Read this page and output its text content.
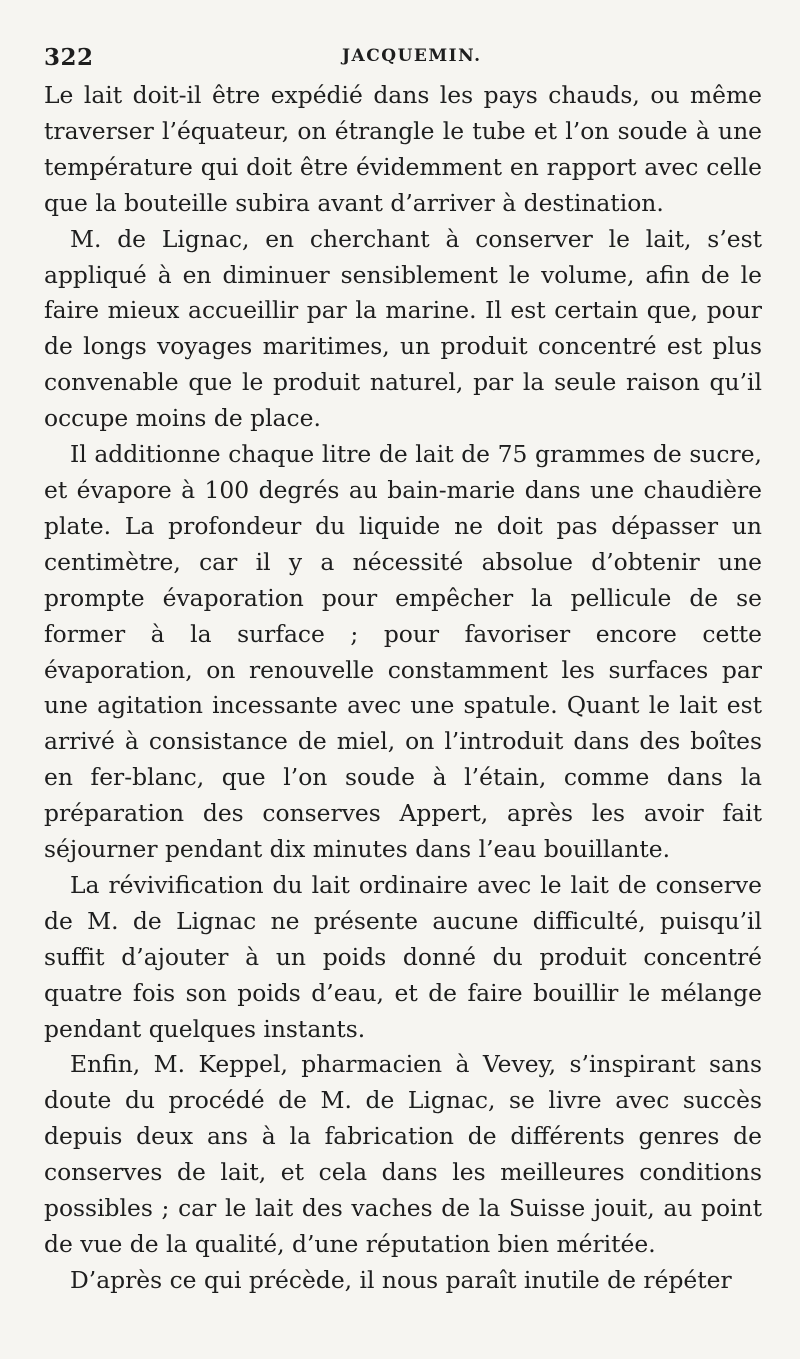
322	JACQUEMIN.

Le lait doit-il être expédié dans les pays chauds, ou même traverser l’équateur, on étrangle le tube et l’on soude à une température qui doit être évidemment en rapport avec celle que la bouteille subira avant d’arriver à destination.

M. de Lignac, en cherchant à conserver le lait, s’est appliqué à en diminuer sensiblement le volume, afin de le faire mieux accueillir par la marine. Il est certain que, pour de longs voyages maritimes, un produit concentré est plus convenable que le produit naturel, par la seule raison qu’il occupe moins de place.

Il additionne chaque litre de lait de 75 grammes de sucre, et évapore à 100 degrés au bain-marie dans une chaudière plate. La profondeur du liquide ne doit pas dépasser un centimètre, car il y a nécessité absolue d’obtenir une prompte évaporation pour empêcher la pellicule de se former à la surface ; pour favoriser encore cette évaporation, on renouvelle constamment les surfaces par une agitation incessante avec une spatule. Quant le lait est arrivé à consistance de miel, on l’introduit dans des boîtes en fer-blanc, que l’on soude à l’étain, comme dans la préparation des conserves Appert, après les avoir fait séjourner pendant dix minutes dans l’eau bouillante.

La révivification du lait ordinaire avec le lait de conserve de M. de Lignac ne présente aucune difficulté, puisqu’il suffit d’ajouter à un poids donné du produit concentré quatre fois son poids d’eau, et de faire bouillir le mélange pendant quelques instants.

Enfin, M. Keppel, pharmacien à Vevey, s’inspirant sans doute du procédé de M. de Lignac, se livre avec succès depuis deux ans à la fabrication de différents genres de conserves de lait, et cela dans les meilleures conditions possibles ; car le lait des vaches de la Suisse jouit, au point de vue de la qualité, d’une réputation bien méritée.

D’après ce qui précède, il nous paraît inutile de répéter
